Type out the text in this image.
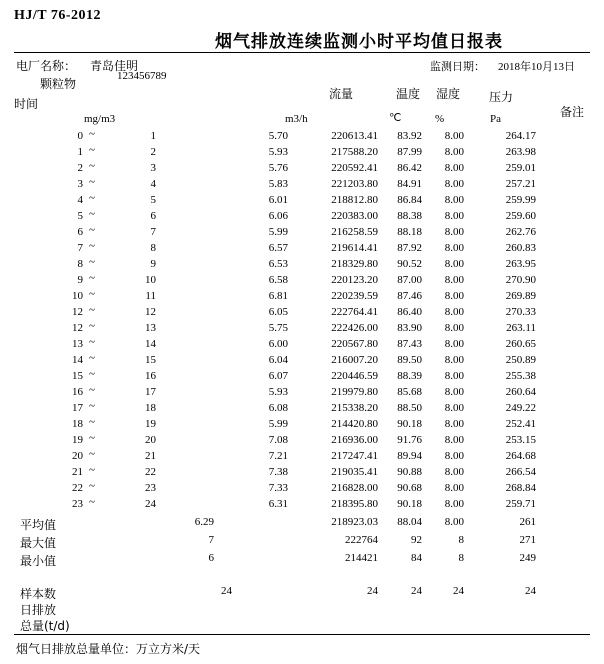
HJ/T 76-2012
烟气排放连续监测小时平均值日报表
电厂名称： 青岛佳明
123456789
监测日期： 2018年10月13日
颗粒物
流量	温度 湿度 压力
时间
备注
mg/m3	m3/h	℃	%	Pa
0 ~	1	5.70	220613.41	83.92	8.00	264.17
1 ~	2	5.93	217588.20	87.99	8.00	263.98
2 ~	3	5.76	220592.41	86.42	8.00	259.01
3 ~	4	5.83	221203.80	84.91	8.00	257.21
4 ~	5	6.01	218812.80	86.84	8.00	259.99
5 ~	6	6.06	220383.00	88.38	8.00	259.60
6 ~	7	5.99	216258.59	88.18	8.00	262.76
7 ~	8	6.57	219614.41	87.92	8.00	260.83
8 ~	9	6.53	218329.80	90.52	8.00	263.95
9 ~	10	6.58	220123.20	87.00	8.00	270.90
10 ~	11	6.81	220239.59	87.46	8.00	269.89
12 ~	12	6.05	222764.41	86.40	8.00	270.33
12 ~	13	5.75	222426.00	83.90	8.00	263.11
13 ~	14	6.00	220567.80	87.43	8.00	260.65
14 ~	15	6.04	216007.20	89.50	8.00	250.89
15 ~	16	6.07	220446.59	88.39	8.00	255.38
16 ~	17	5.93	219979.80	85.68	8.00	260.64
17 ~	18	6.08	215338.20	88.50	8.00	249.22
18 ~	19	5.99	214420.80	90.18	8.00	252.41
19 ~	20	7.08	216936.00	91.76	8.00	253.15
20 ~	21	7.21	217247.41	89.94	8.00	264.68
21 ~	22	7.38	219035.41	90.88	8.00	266.54
22 ~	23	7.33	216828.00	90.68	8.00	268.84
23 ~	24	6.31	218395.80	90.18	8.00	259.71
平均值	6.29	218923.03	88.04	8.00	261
最大值	7	222764	92	8	271
最小值	6	214421	84	8	249
样本数	24	24	24	24	24
日排放
总量(t/d)
烟气日排放总量单位：万立方米/天
